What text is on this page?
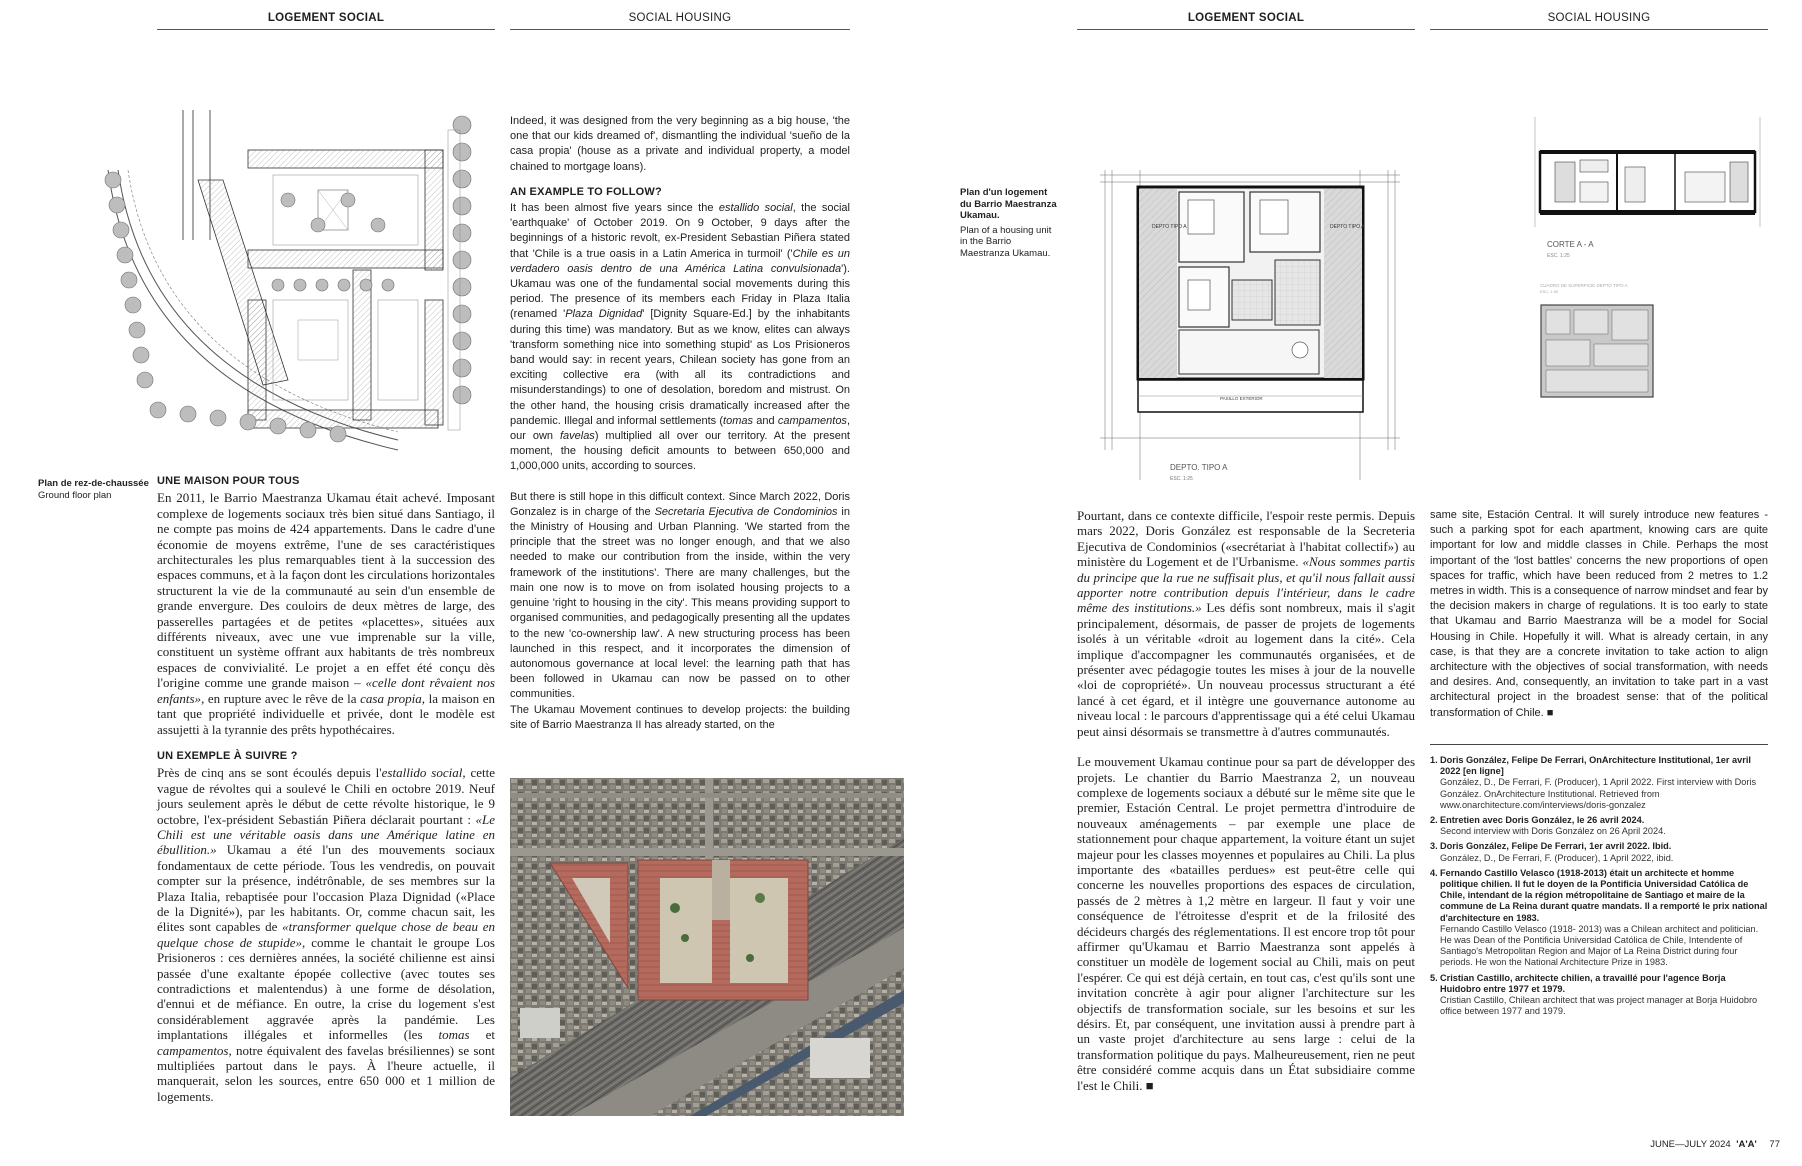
LOGEMENT SOCIAL	SOCIAL HOUSING	LOGEMENT SOCIAL	SOCIAL HOUSING
Plan de rez-de-chaussée
Ground floor plan
UNE MAISON POUR TOUS

En 2011, le Barrio Maestranza Ukamau était achevé. Imposant complexe de logements sociaux très bien situé dans Santiago, il ne compte pas moins de 424 appartements. Dans le cadre d'une économie de moyens extrême, l'une de ses caractéristiques architecturales les plus remarquables tient à la succession des espaces communs, et à la façon dont les circulations horizontales structurent la vie de la communauté au sein d'un ensemble de grande envergure. Des couloirs de deux mètres de large, des passerelles partagées et de petites «placettes», situées aux différents niveaux, avec une vue imprenable sur la ville, constituent un système offrant aux habitants de très nombreux espaces de convivialité. Le projet a en effet été conçu dès l'origine comme une grande maison – «celle dont rêvaient nos enfants», en rupture avec le rêve de la casa propia, la maison en tant que propriété individuelle et privée, dont le modèle est assujetti à la tyrannie des prêts hypothécaires.

UN EXEMPLE À SUIVRE ?

Près de cinq ans se sont écoulés depuis l'estallido social, cette vague de révoltes qui a soulevé le Chili en octobre 2019. Neuf jours seulement après le début de cette révolte historique, le 9 octobre, l'ex-président Sebastián Piñera déclarait pourtant : «Le Chili est une véritable oasis dans une Amérique latine en ébullition.» Ukamau a été l'un des mouvements sociaux fondamentaux de cette période. Tous les vendredis, on pouvait compter sur la présence, indétrônable, de ses membres sur la Plaza Italia, rebaptisée pour l'occasion Plaza Dignidad («Place de la Dignité»), par les habitants. Or, comme chacun sait, les élites sont capables de «transformer quelque chose de beau en quelque chose de stupide», comme le chantait le groupe Los Prisioneros : ces dernières années, la société chilienne est ainsi passée d'une exaltante épopée collective (avec toutes ses contradictions et malentendus) à une forme de désolation, d'ennui et de méfiance. En outre, la crise du logement s'est considérablement aggravée après la pandémie. Les implantations illégales et informelles (les tomas et campamentos, notre équivalent des favelas brésiliennes) se sont multipliées partout dans le pays. À l'heure actuelle, il manquerait, selon les sources, entre 650 000 et 1 million de logements.

Indeed, it was designed from the very beginning as a big house, 'the one that our kids dreamed of', dismantling the individual 'sueño de la casa propia' (house as a private and individual property, a model chained to mortgage loans).

AN EXAMPLE TO FOLLOW?

It has been almost five years since the estallido social, the social 'earthquake' of October 2019. On 9 October, 9 days after the beginnings of a historic revolt, ex-President Sebastian Piñera stated that 'Chile is a true oasis in a Latin America in turmoil' ('Chile es un verdadero oasis dentro de una América Latina convulsionada'). Ukamau was one of the fundamental social movements during this period. The presence of its members each Friday in Plaza Italia (renamed 'Plaza Dignidad' [Dignity Square-Ed.] by the inhabitants during this time) was mandatory. But as we know, elites can always 'transform something nice into something stupid' as Los Prisioneros band would say: in recent years, Chilean society has gone from an exciting collective era (with all its contradictions and misunderstandings) to one of desolation, boredom and mistrust. On the other hand, the housing crisis dramatically increased after the pandemic. Illegal and informal settlements (tomas and campamentos, our own favelas) multiplied all over our territory. At the present moment, the housing deficit amounts to between 650,000 and 1,000,000 units, according to sources.

But there is still hope in this difficult context. Since March 2022, Doris Gonzalez is in charge of the Secretaria Ejecutiva de Condominios in the Ministry of Housing and Urban Planning. 'We started from the principle that the street was no longer enough, and that we also needed to make our contribution from the inside, within the very framework of the institutions'. There are many challenges, but the main one now is to move on from isolated housing projects to a genuine 'right to housing in the city'. This means providing support to organised communities, and pedagogically presenting all the updates to the new 'co-ownership law'. A new structuring process has been launched in this respect, and it incorporates the dimension of autonomous governance at local level: the learning path that has been followed in Ukamau can now be passed on to other communities.

The Ukamau Movement continues to develop projects: the building site of Barrio Maestranza II has already started, on the

Plan d'un logement du Barrio Maestranza Ukamau.
Plan of a housing unit in the Barrio Maestranza Ukamau.
DEPTO TIPO A	DEPTO TIPO A
PASILLO EXTERIOR
DEPTO. TIPO A
ESC. 1:25
CORTE A - A
ESC. 1:25
CUADRO DE SUPERFICIE DEPTO TIPO A
ESC. 1:50

Pourtant, dans ce contexte difficile, l'espoir reste permis. Depuis mars 2022, Doris González est responsable de la Secreteria Ejecutiva de Condominios («secrétariat à l'habitat collectif») au ministère du Logement et de l'Urbanisme. «Nous sommes partis du principe que la rue ne suffisait plus, et qu'il nous fallait aussi apporter notre contribution depuis l'intérieur, dans le cadre même des institutions.» Les défis sont nombreux, mais il s'agit principalement, désormais, de passer de projets de logements isolés à un véritable «droit au logement dans la cité». Cela implique d'accompagner les communautés organisées, et de présenter avec pédagogie toutes les mises à jour de la nouvelle «loi de copropriété». Un nouveau processus structurant a été lancé à cet égard, et il intègre une gouvernance autonome au niveau local : le parcours d'apprentissage qui a été celui Ukamau peut ainsi désormais se transmettre à d'autres communautés.

Le mouvement Ukamau continue pour sa part de développer des projets. Le chantier du Barrio Maestranza 2, un nouveau complexe de logements sociaux a débuté sur le même site que le premier, Estación Central. Le projet permettra d'introduire de nouveaux aménagements – par exemple une place de stationnement pour chaque appartement, la voiture étant un sujet majeur pour les classes moyennes et populaires au Chili. La plus importante des «batailles perdues» est peut-être celle qui concerne les nouvelles proportions des espaces de circulation, passés de 2 mètres à 1,2 mètre en largeur. Il faut y voir une conséquence de l'étroitesse d'esprit et de la frilosité des décideurs chargés des réglementations. Il est encore trop tôt pour affirmer qu'Ukamau et Barrio Maestranza sont appelés à constituer un modèle de logement social au Chili, mais on peut l'espérer. Ce qui est déjà certain, en tout cas, c'est qu'ils sont une invitation concrète à agir pour aligner l'architecture sur les objectifs de transformation sociale, sur les besoins et sur les désirs. Et, par conséquent, une invitation aussi à prendre part à un vaste projet d'architecture au sens large : celui de la transformation politique du pays. Malheureusement, rien ne peut être considéré comme acquis dans un État subsidiaire comme l'est le Chili. ■

same site, Estación Central. It will surely introduce new features -such a parking spot for each apartment, knowing cars are quite important for low and middle classes in Chile. Perhaps the most important of the 'lost battles' concerns the new proportions of open spaces for traffic, which have been reduced from 2 metres to 1.2 metres in width. This is a consequence of narrow mindset and fear by the decision makers in charge of regulations. It is too early to state that Ukamau and Barrio Maestranza will be a model for Social Housing in Chile. Hopefully it will. What is already certain, in any case, is that they are a concrete invitation to take action to align architecture with the objectives of social transformation, with needs and desires. And, consequently, an invitation to take part in a vast architectural project in the broadest sense: that of the political transformation of Chile. ■

1. Doris González, Felipe De Ferrari, OnArchitecture Institutional, 1er avril 2022 [en ligne]
González, D., De Ferrari, F. (Producer), 1 April 2022. First interview with Doris González. OnArchitecture Institutional. Retrieved from www.onarchitecture.com/interviews/doris-gonzalez
2. Entretien avec Doris González, le 26 avril 2024.
Second interview with Doris González on 26 April 2024.
3. Doris González, Felipe De Ferrari, 1er avril 2022. Ibid.
González, D., De Ferrari, F. (Producer), 1 April 2022, ibid.
4. Fernando Castillo Velasco (1918-2013) était un architecte et homme politique chilien. Il fut le doyen de la Pontificia Universidad Católica de Chile, intendant de la région métropolitaine de Santiago et maire de la commune de La Reina durant quatre mandats. Il a remporté le prix national d'architecture en 1983.
Fernando Castillo Velasco (1918- 2013) was a Chilean architect and politician. He was Dean of the Pontificia Universidad Católica de Chile, Intendente of Santiago's Metropolitan Region and Major of La Reina District during four periods. He won the National Architecture Prize in 1983.
5. Cristian Castillo, architecte chilien, a travaillé pour l'agence Borja Huidobro entre 1977 et 1979.
Cristian Castillo, Chilean architect that was project manager at Borja Huidobro office between 1977 and 1979.
JUNE—JULY 2024 'A'A' 77
